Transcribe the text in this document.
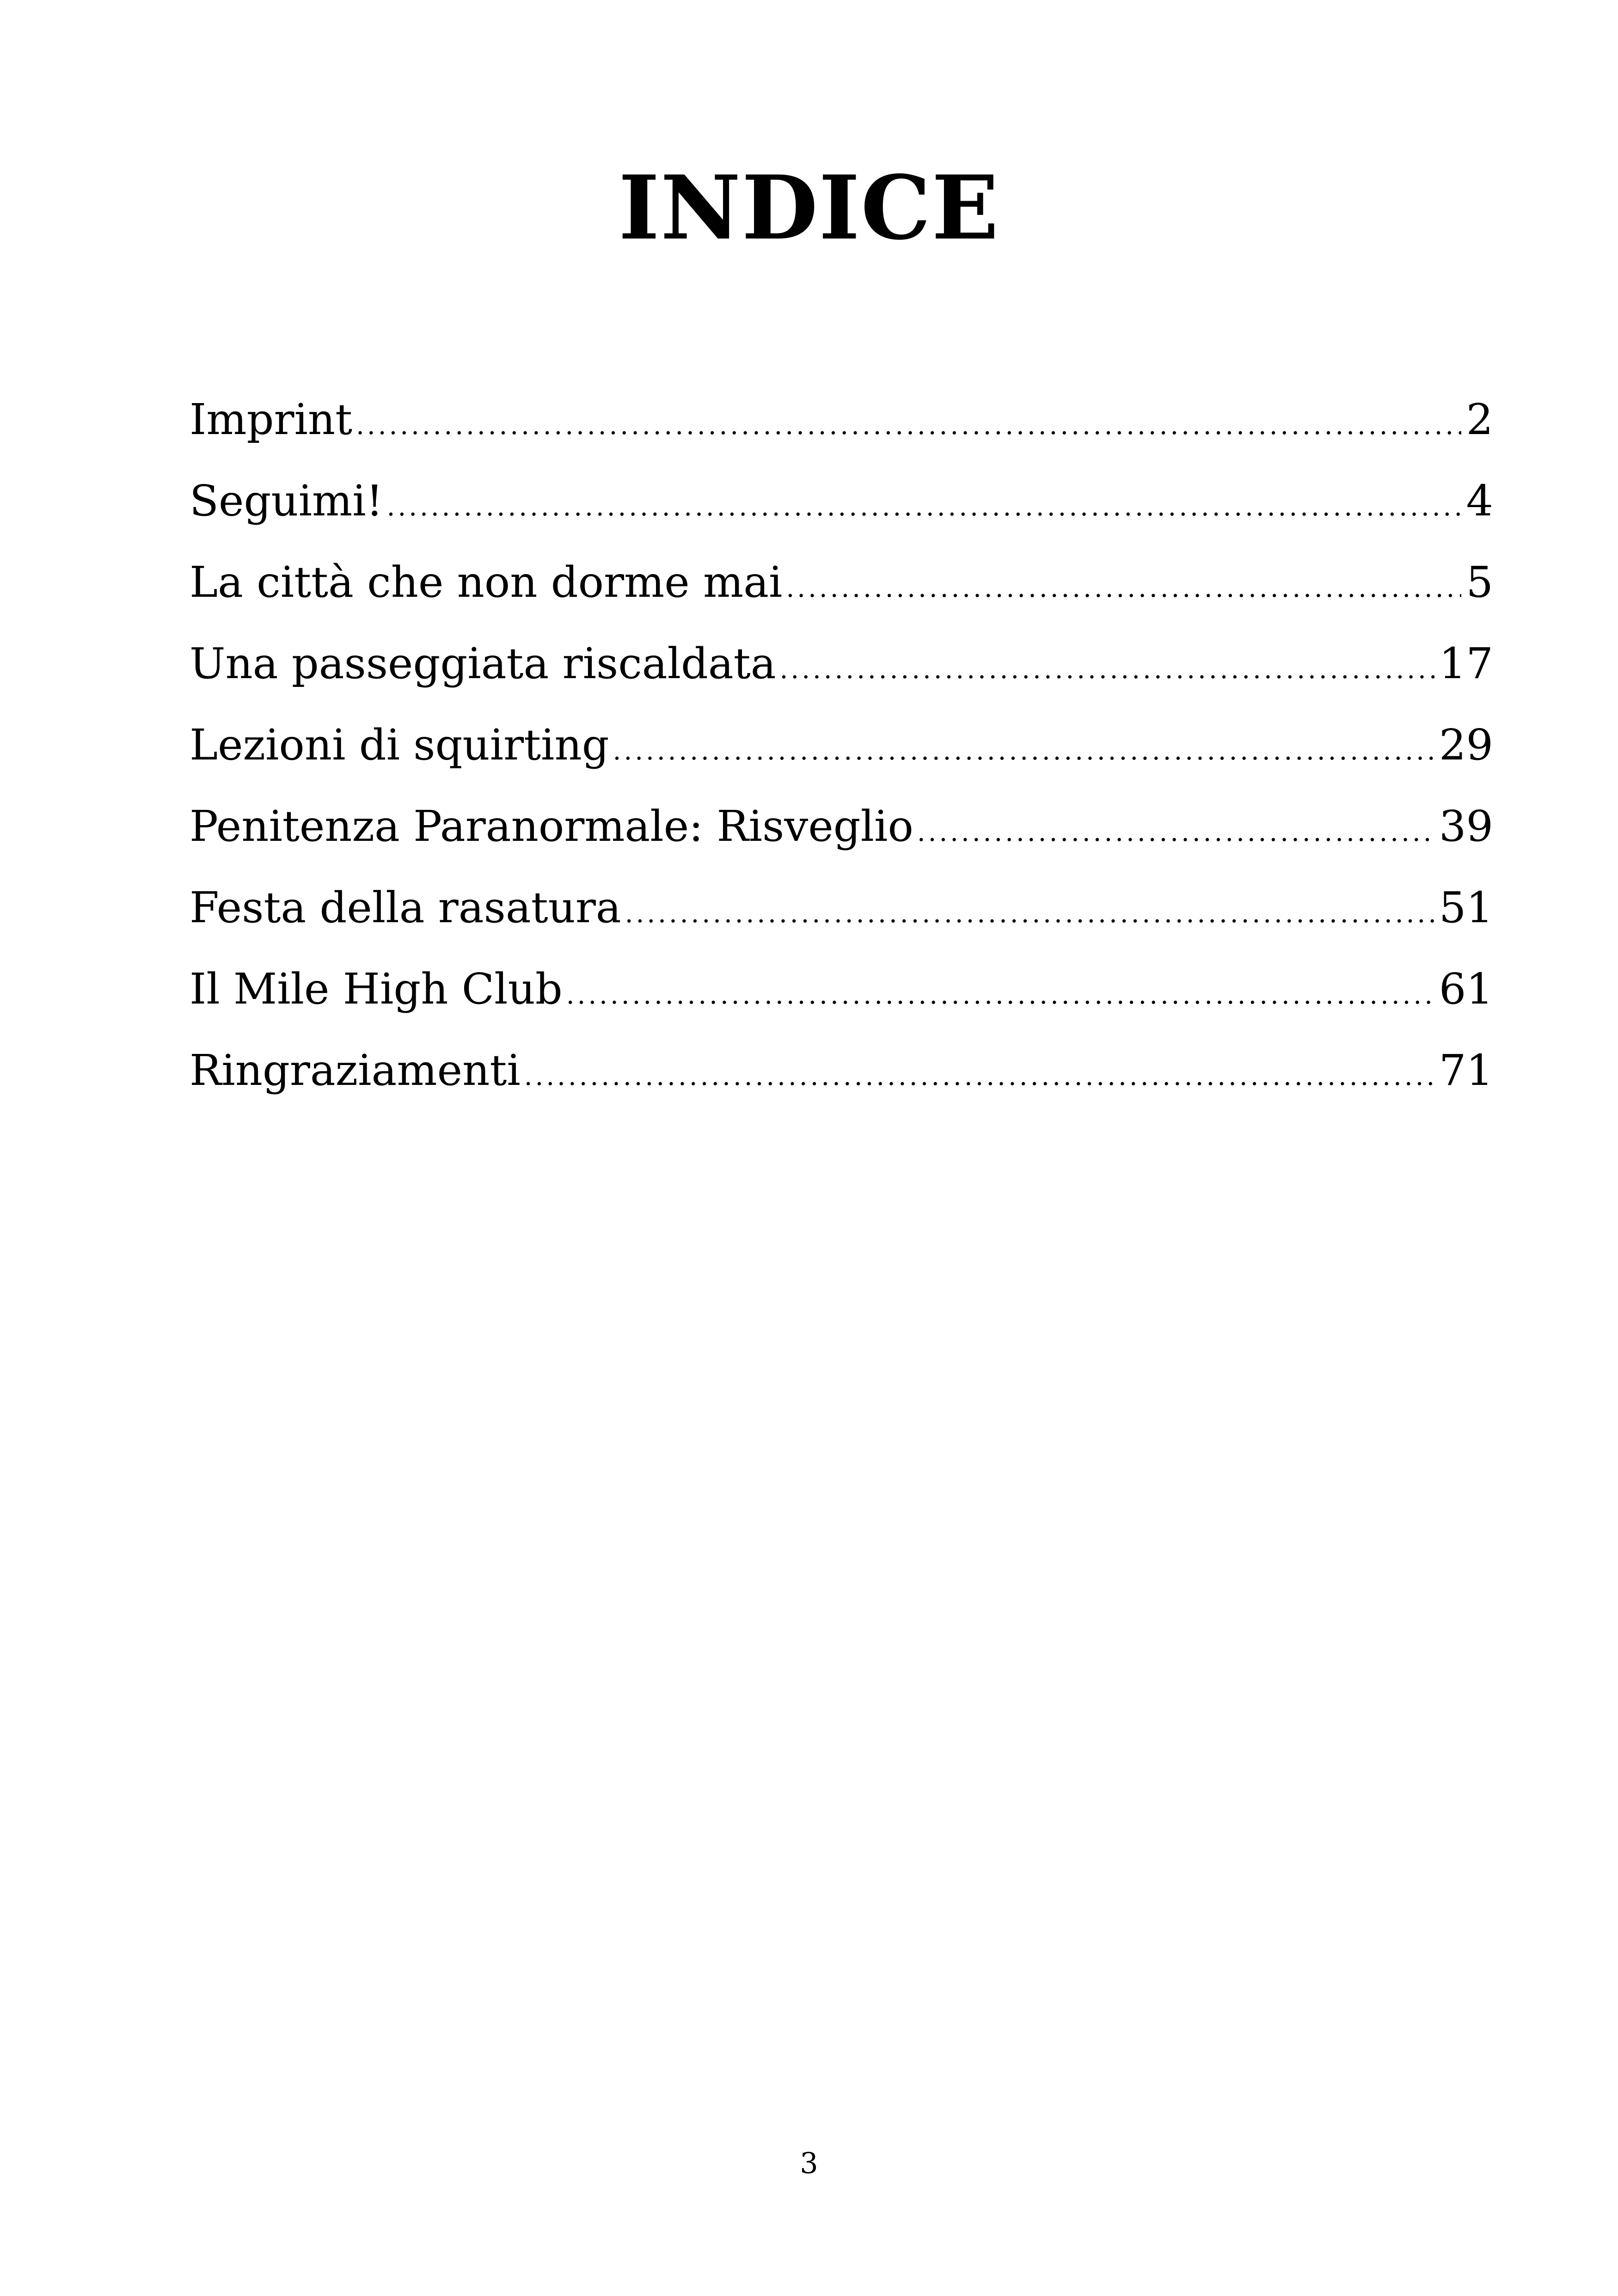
INDICE
Imprint .....	2
Seguimi! .....	4
La città che non dorme mai .....	5
Una passeggiata riscaldata .....	17
Lezioni di squirting .....	29
Penitenza Paranormale: Risveglio .....	39
Festa della rasatura .....	51
Il Mile High Club .....	61
Ringraziamenti .....	71
3
